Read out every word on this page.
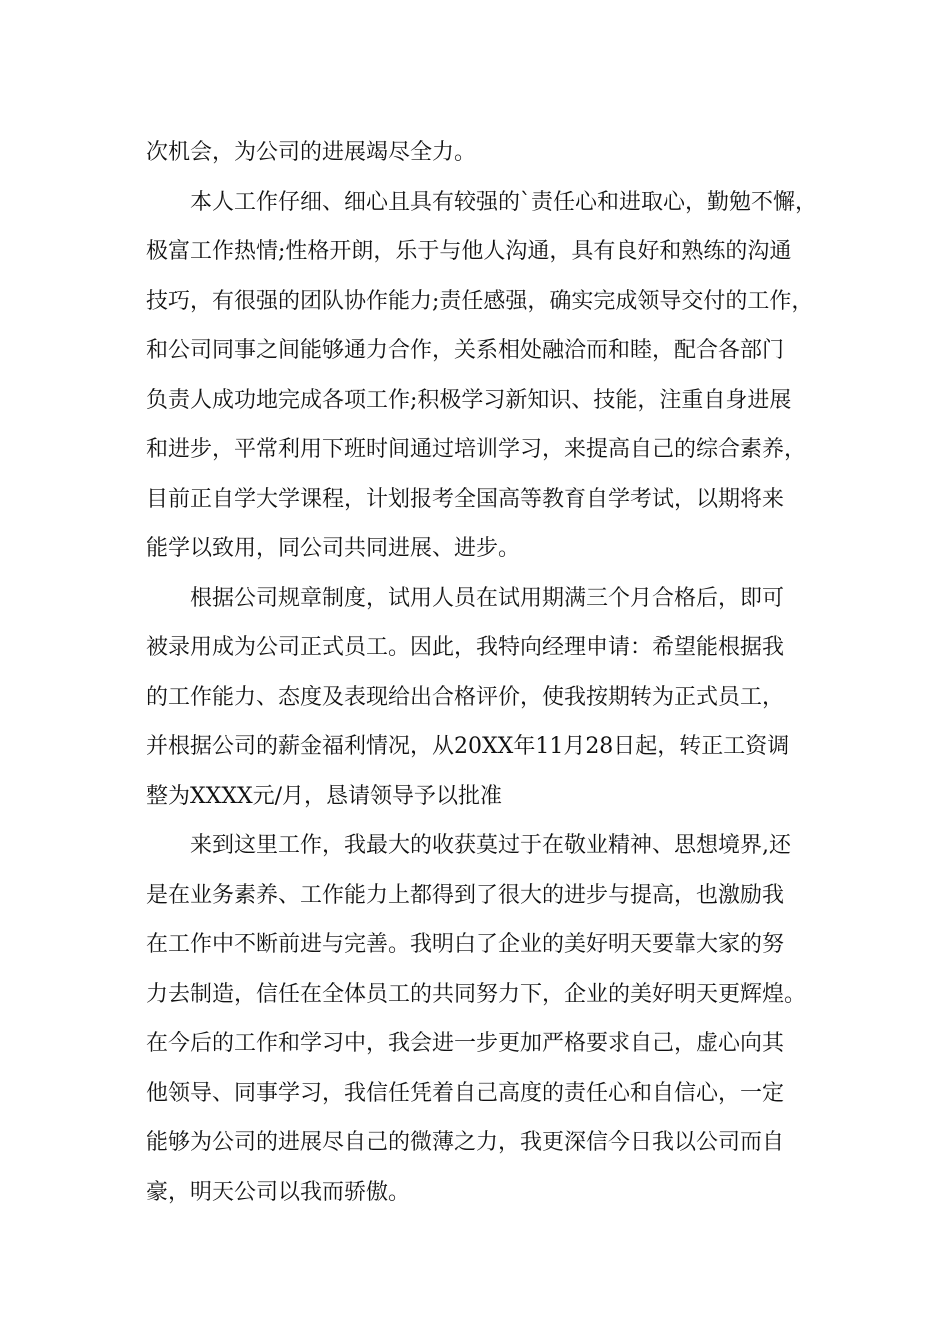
次机会，为公司的进展竭尽全力。
本人工作仔细、细心且具有较强的`责任心和进取心，勤勉不懈，
极富工作热情;性格开朗，乐于与他人沟通，具有良好和熟练的沟通
技巧，有很强的团队协作能力;责任感强，确实完成领导交付的工作，
和公司同事之间能够通力合作，关系相处融洽而和睦，配合各部门
负责人成功地完成各项工作;积极学习新知识、技能，注重自身进展
和进步，平常利用下班时间通过培训学习，来提高自己的综合素养，
目前正自学大学课程，计划报考全国高等教育自学考试，以期将来
能学以致用，同公司共同进展、进步。
根据公司规章制度，试用人员在试用期满三个月合格后，即可
被录用成为公司正式员工。因此，我特向经理申请：希望能根据我
的工作能力、态度及表现给出合格评价，使我按期转为正式员工，
并根据公司的薪金福利情况，从20XX年11月28日起，转正工资调
整为XXXX元/月，恳请领导予以批准
来到这里工作，我最大的收获莫过于在敬业精神、思想境界,还
是在业务素养、工作能力上都得到了很大的进步与提高，也激励我
在工作中不断前进与完善。我明白了企业的美好明天要靠大家的努
力去制造，信任在全体员工的共同努力下，企业的美好明天更辉煌。
在今后的工作和学习中，我会进一步更加严格要求自己，虚心向其
他领导、同事学习，我信任凭着自己高度的责任心和自信心，一定
能够为公司的进展尽自己的微薄之力，我更深信今日我以公司而自
豪，明天公司以我而骄傲。
